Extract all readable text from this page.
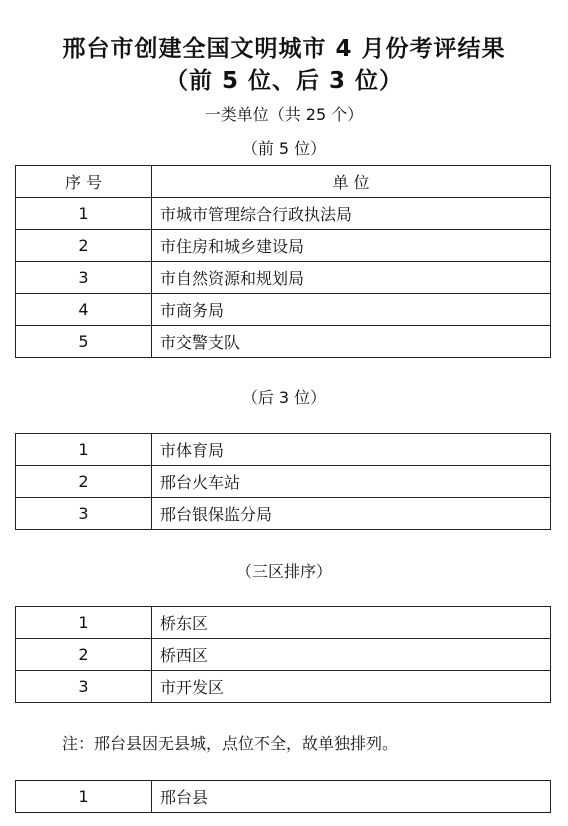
邢台市创建全国文明城市 4 月份考评结果
（前 5 位、后 3 位）
一类单位（共 25 个）
（前 5 位）
序 号	单 位
1	市城市管理综合行政执法局
2	市住房和城乡建设局
3	市自然资源和规划局
4	市商务局
5	市交警支队
（后 3 位）
1	市体育局
2	邢台火车站
3	邢台银保监分局
（三区排序）
1	桥东区
2	桥西区
3	市开发区
注：邢台县因无县城，点位不全，故单独排列。
1	邢台县
